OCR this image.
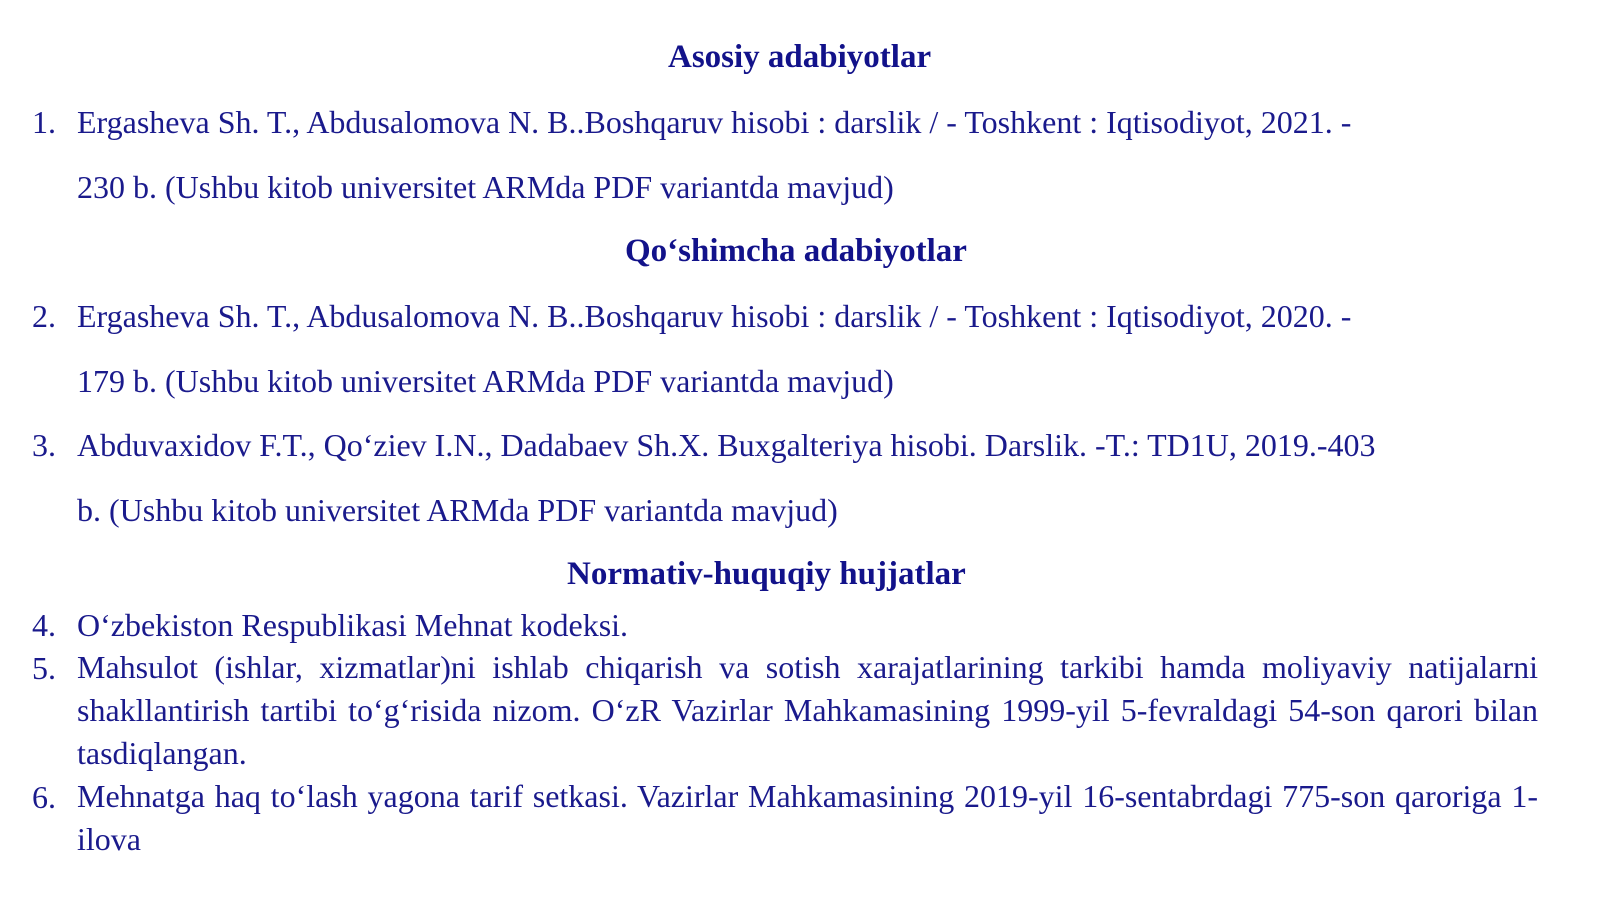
Asosiy adabiyotlar
1. Ergasheva Sh. T., Abdusalomova N. B..Boshqaruv hisobi : darslik / - Toshkent : Iqtisodiyot, 2021. -
230 b. (Ushbu kitob universitet ARMda PDF variantda mavjud)
Qo‘shimcha adabiyotlar
2. Ergasheva Sh. T., Abdusalomova N. B..Boshqaruv hisobi : darslik / - Toshkent : Iqtisodiyot, 2020. -
179 b. (Ushbu kitob universitet ARMda PDF variantda mavjud)
3. Abduvaxidov F.T., Qo‘ziev I.N., Dadabaev Sh.X. Buxgalteriya hisobi. Darslik. -T.: TD1U, 2019.-403
b. (Ushbu kitob universitet ARMda PDF variantda mavjud)
Normativ-huquqiy hujjatlar
4. O‘zbekiston Respublikasi Mehnat kodeksi.
5. Mahsulot (ishlar, xizmatlar)ni ishlab chiqarish va sotish xarajatlarining tarkibi hamda moliyaviy natijalarni shakllantirish tartibi to‘g‘risida nizom. O‘zR Vazirlar Mahkamasining 1999-yil 5-fevraldagi 54-son qarori bilan tasdiqlangan.
6. Mehnatga haq to‘lash yagona tarif setkasi. Vazirlar Mahkamasining 2019-yil 16-sentabrdagi 775-son qaroriga 1-ilova
